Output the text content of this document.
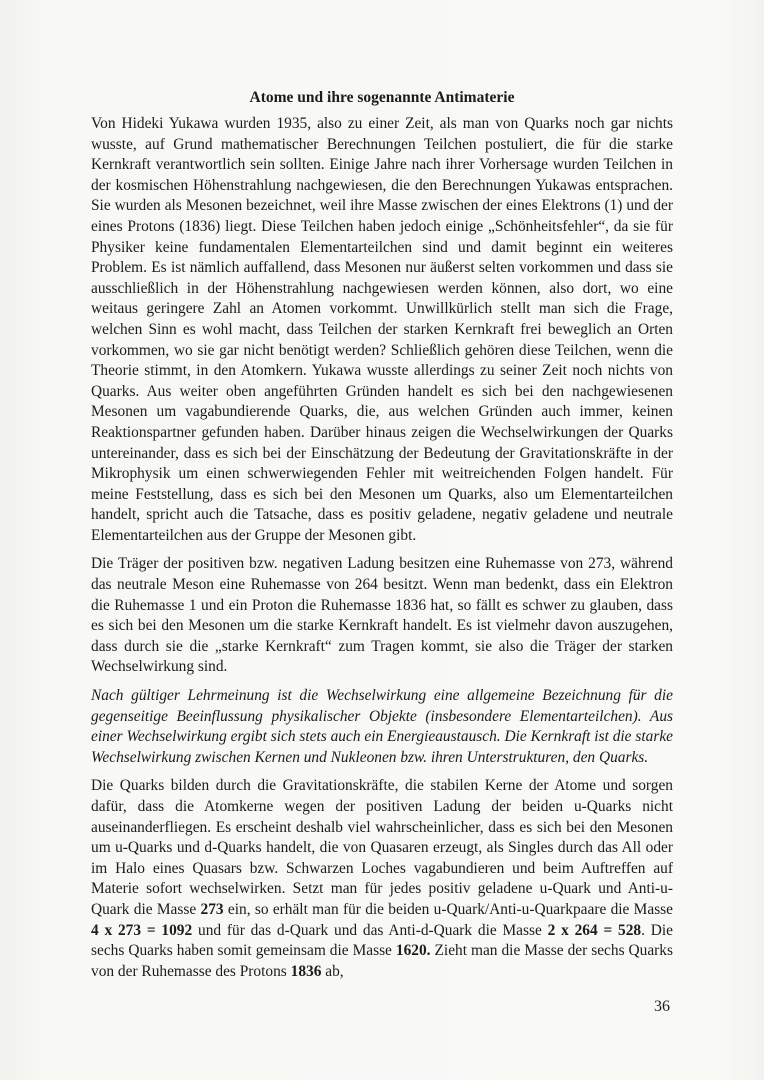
Atome und ihre sogenannte Antimaterie

Von Hideki Yukawa wurden 1935, also zu einer Zeit, als man von Quarks noch gar nichts wusste, auf Grund mathematischer Berechnungen Teilchen postuliert, die für die starke Kernkraft verantwortlich sein sollten. Einige Jahre nach ihrer Vorhersage wurden Teilchen in der kosmischen Höhenstrahlung nachgewiesen, die den Berechnungen Yukawas entsprachen. Sie wurden als Mesonen bezeichnet, weil ihre Masse zwischen der eines Elektrons (1) und der eines Protons (1836) liegt. Diese Teilchen haben jedoch einige „Schönheitsfehler“, da sie für Physiker keine fundamentalen Elementarteilchen sind und damit beginnt ein weiteres Problem. Es ist nämlich auffallend, dass Mesonen nur äußerst selten vorkommen und dass sie ausschließlich in der Höhenstrahlung nachgewiesen werden können, also dort, wo eine weitaus geringere Zahl an Atomen vorkommt. Unwillkürlich stellt man sich die Frage, welchen Sinn es wohl macht, dass Teilchen der starken Kernkraft frei beweglich an Orten vorkommen, wo sie gar nicht benötigt werden? Schließlich gehören diese Teilchen, wenn die Theorie stimmt, in den Atomkern. Yukawa wusste allerdings zu seiner Zeit noch nichts von Quarks. Aus weiter oben angeführten Gründen handelt es sich bei den nachgewiesenen Mesonen um vagabundierende Quarks, die, aus welchen Gründen auch immer, keinen Reaktionspartner gefunden haben. Darüber hinaus zeigen die Wechselwirkungen der Quarks untereinander, dass es sich bei der Einschätzung der Bedeutung der Gravitationskräfte in der Mikrophysik um einen schwerwiegenden Fehler mit weitreichenden Folgen handelt. Für meine Feststellung, dass es sich bei den Mesonen um Quarks, also um Elementarteilchen handelt, spricht auch die Tatsache, dass es positiv geladene, negativ geladene und neutrale Elementarteilchen aus der Gruppe der Mesonen gibt.

Die Träger der positiven bzw. negativen Ladung besitzen eine Ruhemasse von 273, während das neutrale Meson eine Ruhemasse von 264 besitzt. Wenn man bedenkt, dass ein Elektron die Ruhemasse 1 und ein Proton die Ruhemasse 1836 hat, so fällt es schwer zu glauben, dass es sich bei den Mesonen um die starke Kernkraft handelt. Es ist vielmehr davon auszugehen, dass durch sie die „starke Kernkraft“ zum Tragen kommt, sie also die Träger der starken Wechselwirkung sind.

Nach gültiger Lehrmeinung ist die Wechselwirkung eine allgemeine Bezeichnung für die gegenseitige Beeinflussung physikalischer Objekte (insbesondere Elementarteilchen). Aus einer Wechselwirkung ergibt sich stets auch ein Energieaustausch. Die Kernkraft ist die starke Wechselwirkung zwischen Kernen und Nukleonen bzw. ihren Unterstrukturen, den Quarks.

Die Quarks bilden durch die Gravitationskräfte, die stabilen Kerne der Atome und sorgen dafür, dass die Atomkerne wegen der positiven Ladung der beiden u-Quarks nicht auseinanderfliegen. Es erscheint deshalb viel wahrscheinlicher, dass es sich bei den Mesonen um u-Quarks und d-Quarks handelt, die von Quasaren erzeugt, als Singles durch das All oder im Halo eines Quasars bzw. Schwarzen Loches vagabundieren und beim Auftreffen auf Materie sofort wechselwirken. Setzt man für jedes positiv geladene u-Quark und Anti-u-Quark die Masse 273 ein, so erhält man für die beiden u-Quark/Anti-u-Quarkpaare die Masse 4 x 273 = 1092 und für das d-Quark und das Anti-d-Quark die Masse 2 x 264 = 528. Die sechs Quarks haben somit gemeinsam die Masse 1620. Zieht man die Masse der sechs Quarks von der Ruhemasse des Protons 1836 ab,

36
